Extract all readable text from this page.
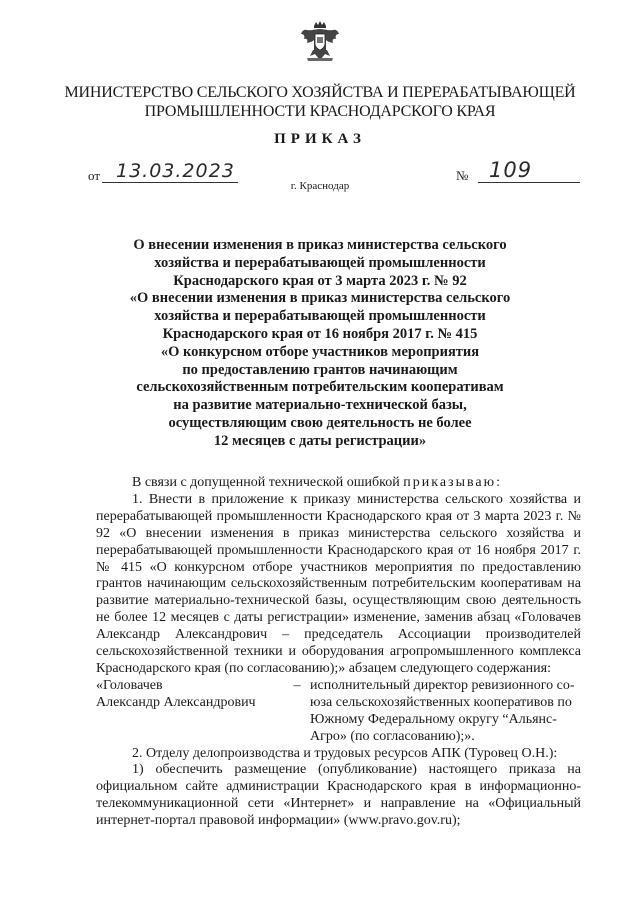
МИНИСТЕРСТВО СЕЛЬСКОГО ХОЗЯЙСТВА И ПЕРЕРАБАТЫВАЮЩЕЙ
ПРОМЫШЛЕННОСТИ КРАСНОДАРСКОГО КРАЯ
ПРИКАЗ
от 13.03.2023	№ 109
г. Краснодар
О внесении изменения в приказ министерства сельского
хозяйства и перерабатывающей промышленности
Краснодарского края от 3 марта 2023 г. № 92
«О внесении изменения в приказ министерства сельского
хозяйства и перерабатывающей промышленности
Краснодарского края от 16 ноября 2017 г. № 415
«О конкурсном отборе участников мероприятия
по предоставлению грантов начинающим
сельскохозяйственным потребительским кооперативам
на развитие материально-технической базы,
осуществляющим свою деятельность не более
12 месяцев с даты регистрации»

В связи с допущенной технической ошибкой приказываю:

1. Внести в приложение к приказу министерства сельского хозяйства и перерабатывающей промышленности Краснодарского края от 3 марта 2023 г. № 92 «О внесении изменения в приказ министерства сельского хозяйства и перерабатывающей промышленности Краснодарского края от 16 ноября 2017 г. № 415 «О конкурсном отборе участников мероприятия по предоставлению грантов начинающим сельскохозяйственным потребительским кооперативам на развитие материально-технической базы, осуществляющим свою деятельность не более 12 месяцев с даты регистрации» изменение, заменив абзац «Головачев Александр Александрович – председатель Ассоциации производителей сельскохозяйственной техники и оборудования агропромышленного комплекса Краснодарского края (по согласованию);» абзацем следующего содержания:

«Головачев
Александр Александрович
– исполнительный директор ревизионного со-
юза сельскохозяйственных кооперативов по
Южному Федеральному округу “Альянс-
Агро» (по согласованию);».

2. Отделу делопроизводства и трудовых ресурсов АПК (Туровец О.Н.):

1) обеспечить размещение (опубликование) настоящего приказа на официальном сайте администрации Краснодарского края в информационно-телекоммуникационной сети «Интернет» и направление на «Официальный интернет-портал правовой информации» (www.pravo.gov.ru);
